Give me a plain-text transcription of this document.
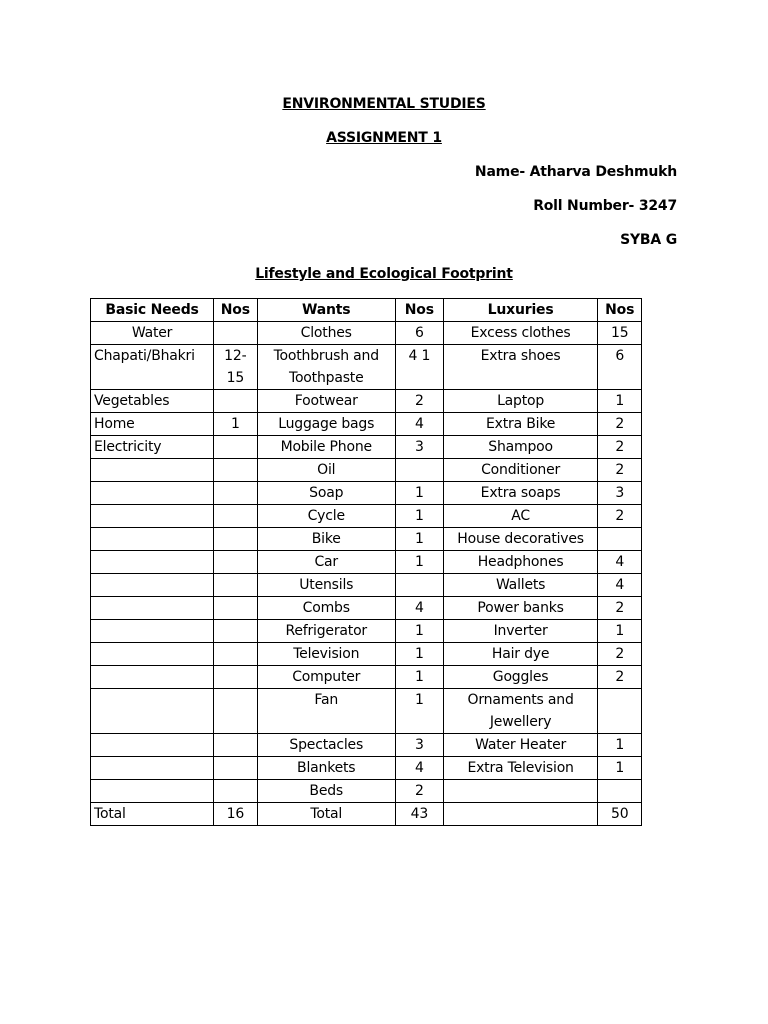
ENVIRONMENTAL STUDIES
ASSIGNMENT 1
Name- Atharva Deshmukh
Roll Number- 3247
SYBA G
Lifestyle and Ecological Footprint
Basic Needs	Nos	Wants	Nos	Luxuries	Nos
Water		Clothes	6	Excess clothes	15
Chapati/Bhakri	12- 15	Toothbrush and Toothpaste	4 1	Extra shoes	6
Vegetables		Footwear	2	Laptop	1
Home	1	Luggage bags	4	Extra Bike	2
Electricity		Mobile Phone	3	Shampoo	2
		Oil		Conditioner	2
		Soap	1	Extra soaps	3
		Cycle	1	AC	2
		Bike	1	House decoratives	
		Car	1	Headphones	4
		Utensils		Wallets	4
		Combs	4	Power banks	2
		Refrigerator	1	Inverter	1
		Television	1	Hair dye	2
		Computer	1	Goggles	2
		Fan	1	Ornaments and Jewellery	
		Spectacles	3	Water Heater	1
		Blankets	4	Extra Television	1
		Beds	2		
Total	16	Total	43		50
